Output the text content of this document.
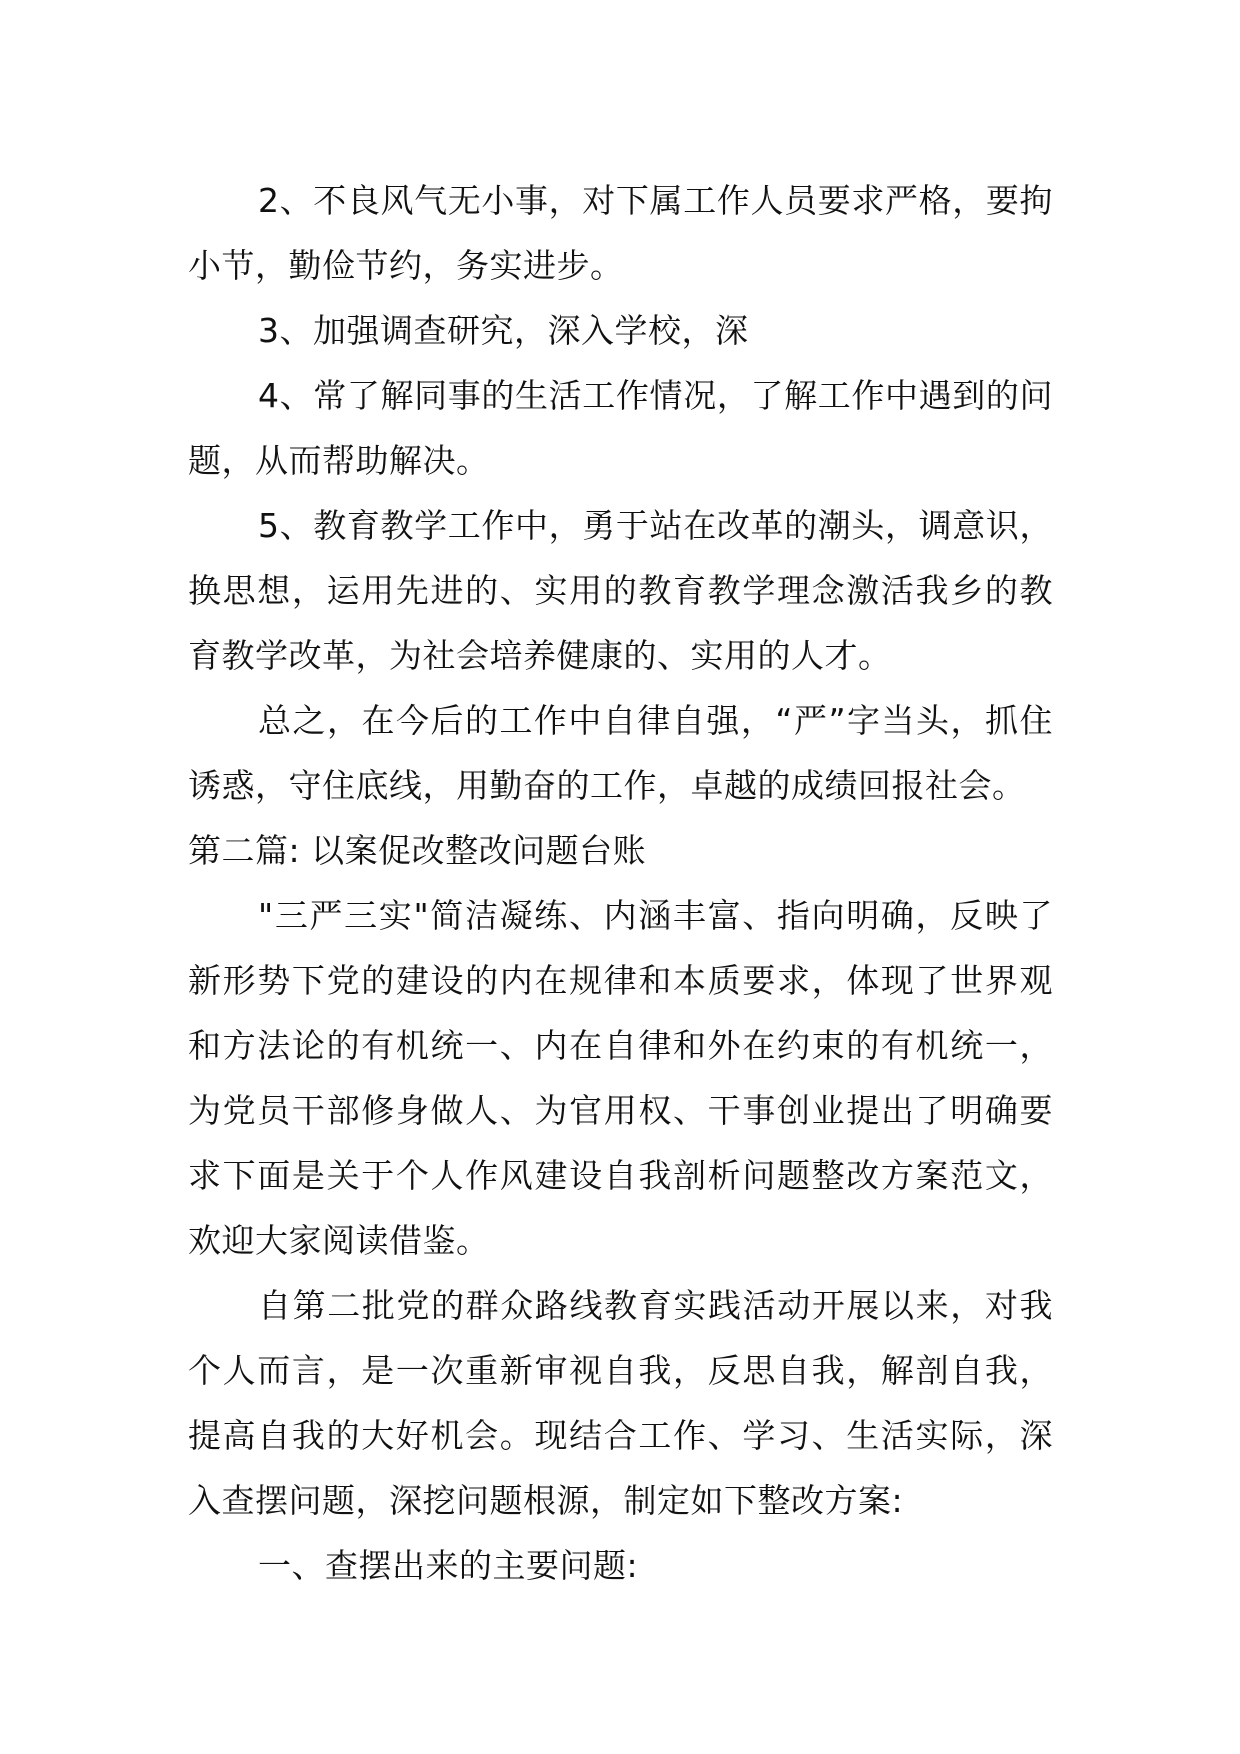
2、不良风气无小事，对下属工作人员要求严格，要拘小节，勤俭节约，务实进步。

3、加强调查研究，深入学校，深

4、常了解同事的生活工作情况，了解工作中遇到的问题，从而帮助解决。

5、教育教学工作中，勇于站在改革的潮头，调意识，换思想，运用先进的、实用的教育教学理念激活我乡的教育教学改革，为社会培养健康的、实用的人才。

总之，在今后的工作中自律自强，“严”字当头，抓住诱惑，守住底线，用勤奋的工作，卓越的成绩回报社会。

第二篇: 以案促改整改问题台账

"三严三实"简洁凝练、内涵丰富、指向明确，反映了新形势下党的建设的内在规律和本质要求，体现了世界观和方法论的有机统一、内在自律和外在约束的有机统一，为党员干部修身做人、为官用权、干事创业提出了明确要求下面是关于个人作风建设自我剖析问题整改方案范文，欢迎大家阅读借鉴。

自第二批党的群众路线教育实践活动开展以来，对我个人而言，是一次重新审视自我，反思自我，解剖自我，提高自我的大好机会。现结合工作、学习、生活实际，深入查摆问题，深挖问题根源，制定如下整改方案:

一、查摆出来的主要问题:
